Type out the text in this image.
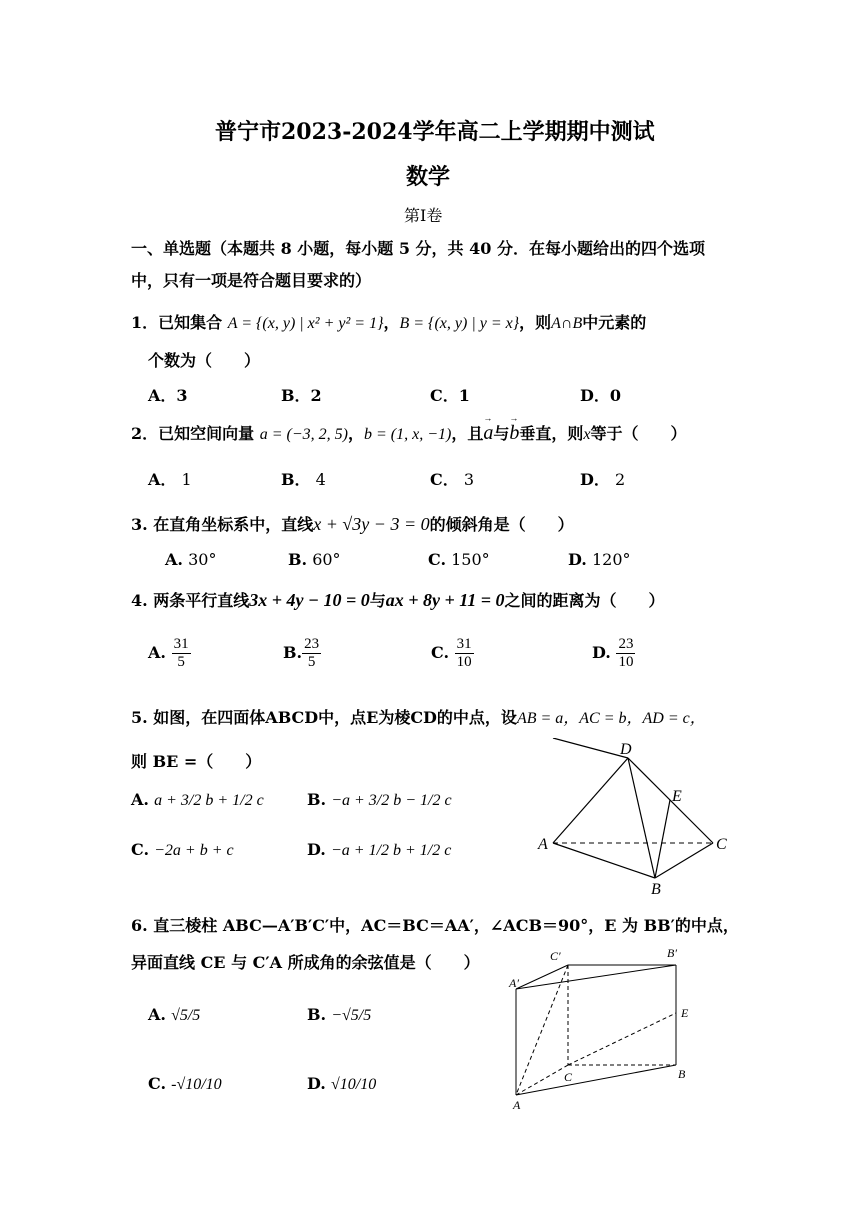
普宁市2023-2024学年高二上学期期中测试
数学
第Ⅰ卷
一、单选题（本题共 8 小题，每小题 5 分，共 40 分．在每小题给出的四个选项
中，只有一项是符合题目要求的）
1．已知集合 A = {(x, y) | x² + y² = 1}，B = {(x, y) | y = x}，则A∩B中元素的
个数为（　　）
A．3	B．2	C．1	D．0
2．已知空间向量 a = (−3, 2, 5)，b = (1, x, −1)，且→ a与→ b垂直，则x等于（　　）
A． 1	B． 4	C． 3	D． 2
3. 在直角坐标系中，直线x + √3y − 3 = 0的倾斜角是（　　）
A. 30°	B. 60°	C. 150°	D. 120°
4. 两条平行直线3x + 4y − 10 = 0与ax + 8y + 11 = 0之间的距离为（　　）
A. $\frac{31}{5}$	B. $\frac{23}{5}$	C. $\frac{31}{10}$	D. $\frac{23}{10}$
5. 如图，在四面体ABCD中，点E为棱CD的中点，设AB = a，AC = b，AD = c，
则 BE =（　　）
A. a + 3/2 b + 1/2 c	B. −a + 3/2 b − 1/2 c
C. −2a + b + c	D. −a + 1/2 b + 1/2 c
D
E
A	C
B
6. 直三棱柱 ABC—A′B′C′中，AC＝BC＝AA′，∠ACB＝90°，E 为 BB′的中点，
异面直线 CE 与 C′A 所成角的余弦值是（　　）
A. √5/5	B. −√5/5
C. -√10/10	D. √10/10
C′	B′
A′
E
C	B
A
